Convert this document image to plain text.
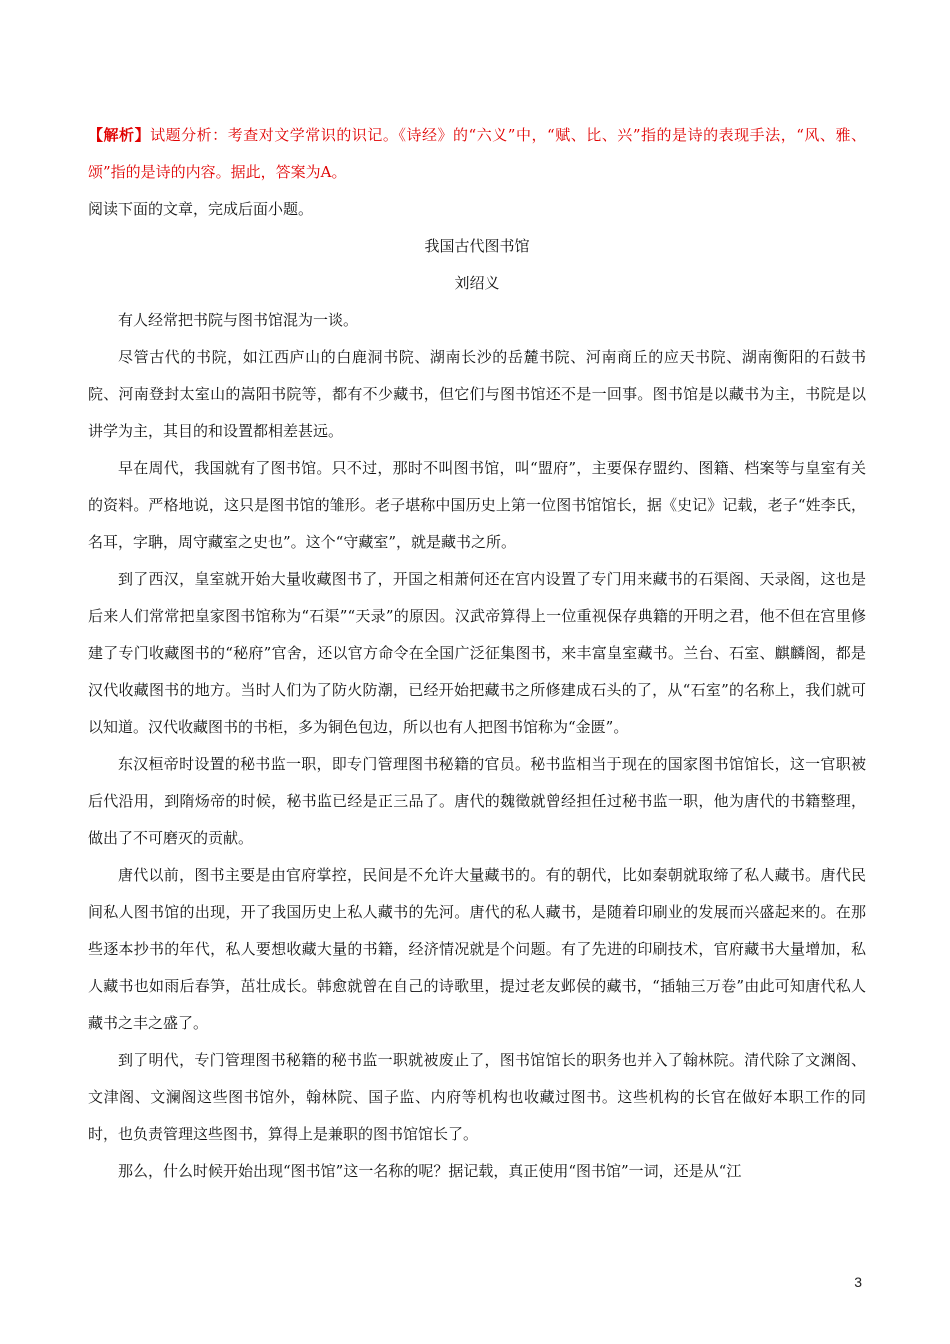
【解析】试题分析：考查对文学常识的识记。《诗经》的“六义”中，“赋、比、兴”指的是诗的表现手法，“风、雅、颂”指的是诗的内容。据此，答案为A。

阅读下面的文章，完成后面小题。

我国古代图书馆

刘绍义

有人经常把书院与图书馆混为一谈。

尽管古代的书院，如江西庐山的白鹿洞书院、湖南长沙的岳麓书院、河南商丘的应天书院、湖南衡阳的石鼓书院、河南登封太室山的嵩阳书院等，都有不少藏书，但它们与图书馆还不是一回事。图书馆是以藏书为主，书院是以讲学为主，其目的和设置都相差甚远。

早在周代，我国就有了图书馆。只不过，那时不叫图书馆，叫“盟府”，主要保存盟约、图籍、档案等与皇室有关的资料。严格地说，这只是图书馆的雏形。老子堪称中国历史上第一位图书馆馆长，据《史记》记载，老子“姓李氏，名耳，字聃，周守藏室之史也”。这个“守藏室”，就是藏书之所。

到了西汉，皇室就开始大量收藏图书了，开国之相萧何还在宫内设置了专门用来藏书的石渠阁、天录阁，这也是后来人们常常把皇家图书馆称为“石渠”“天录”的原因。汉武帝算得上一位重视保存典籍的开明之君，他不但在宫里修建了专门收藏图书的“秘府”官舍，还以官方命令在全国广泛征集图书，来丰富皇室藏书。兰台、石室、麒麟阁，都是汉代收藏图书的地方。当时人们为了防火防潮，已经开始把藏书之所修建成石头的了，从“石室”的名称上，我们就可以知道。汉代收藏图书的书柜，多为铜色包边，所以也有人把图书馆称为“金匮”。

东汉桓帝时设置的秘书监一职，即专门管理图书秘籍的官员。秘书监相当于现在的国家图书馆馆长，这一官职被后代沿用，到隋炀帝的时候，秘书监已经是正三品了。唐代的魏徵就曾经担任过秘书监一职，他为唐代的书籍整理，做出了不可磨灭的贡献。

唐代以前，图书主要是由官府掌控，民间是不允许大量藏书的。有的朝代，比如秦朝就取缔了私人藏书。唐代民间私人图书馆的出现，开了我国历史上私人藏书的先河。唐代的私人藏书，是随着印刷业的发展而兴盛起来的。在那些逐本抄书的年代，私人要想收藏大量的书籍，经济情况就是个问题。有了先进的印刷技术，官府藏书大量增加，私人藏书也如雨后春笋，茁壮成长。韩愈就曾在自己的诗歌里，提过老友邺侯的藏书，“插轴三万卷”由此可知唐代私人藏书之丰之盛了。

到了明代，专门管理图书秘籍的秘书监一职就被废止了，图书馆馆长的职务也并入了翰林院。清代除了文渊阁、文津阁、文澜阁这些图书馆外，翰林院、国子监、内府等机构也收藏过图书。这些机构的长官在做好本职工作的同时，也负责管理这些图书，算得上是兼职的图书馆馆长了。

那么，什么时候开始出现“图书馆”这一名称的呢？据记载，真正使用“图书馆”一词，还是从“江

3
